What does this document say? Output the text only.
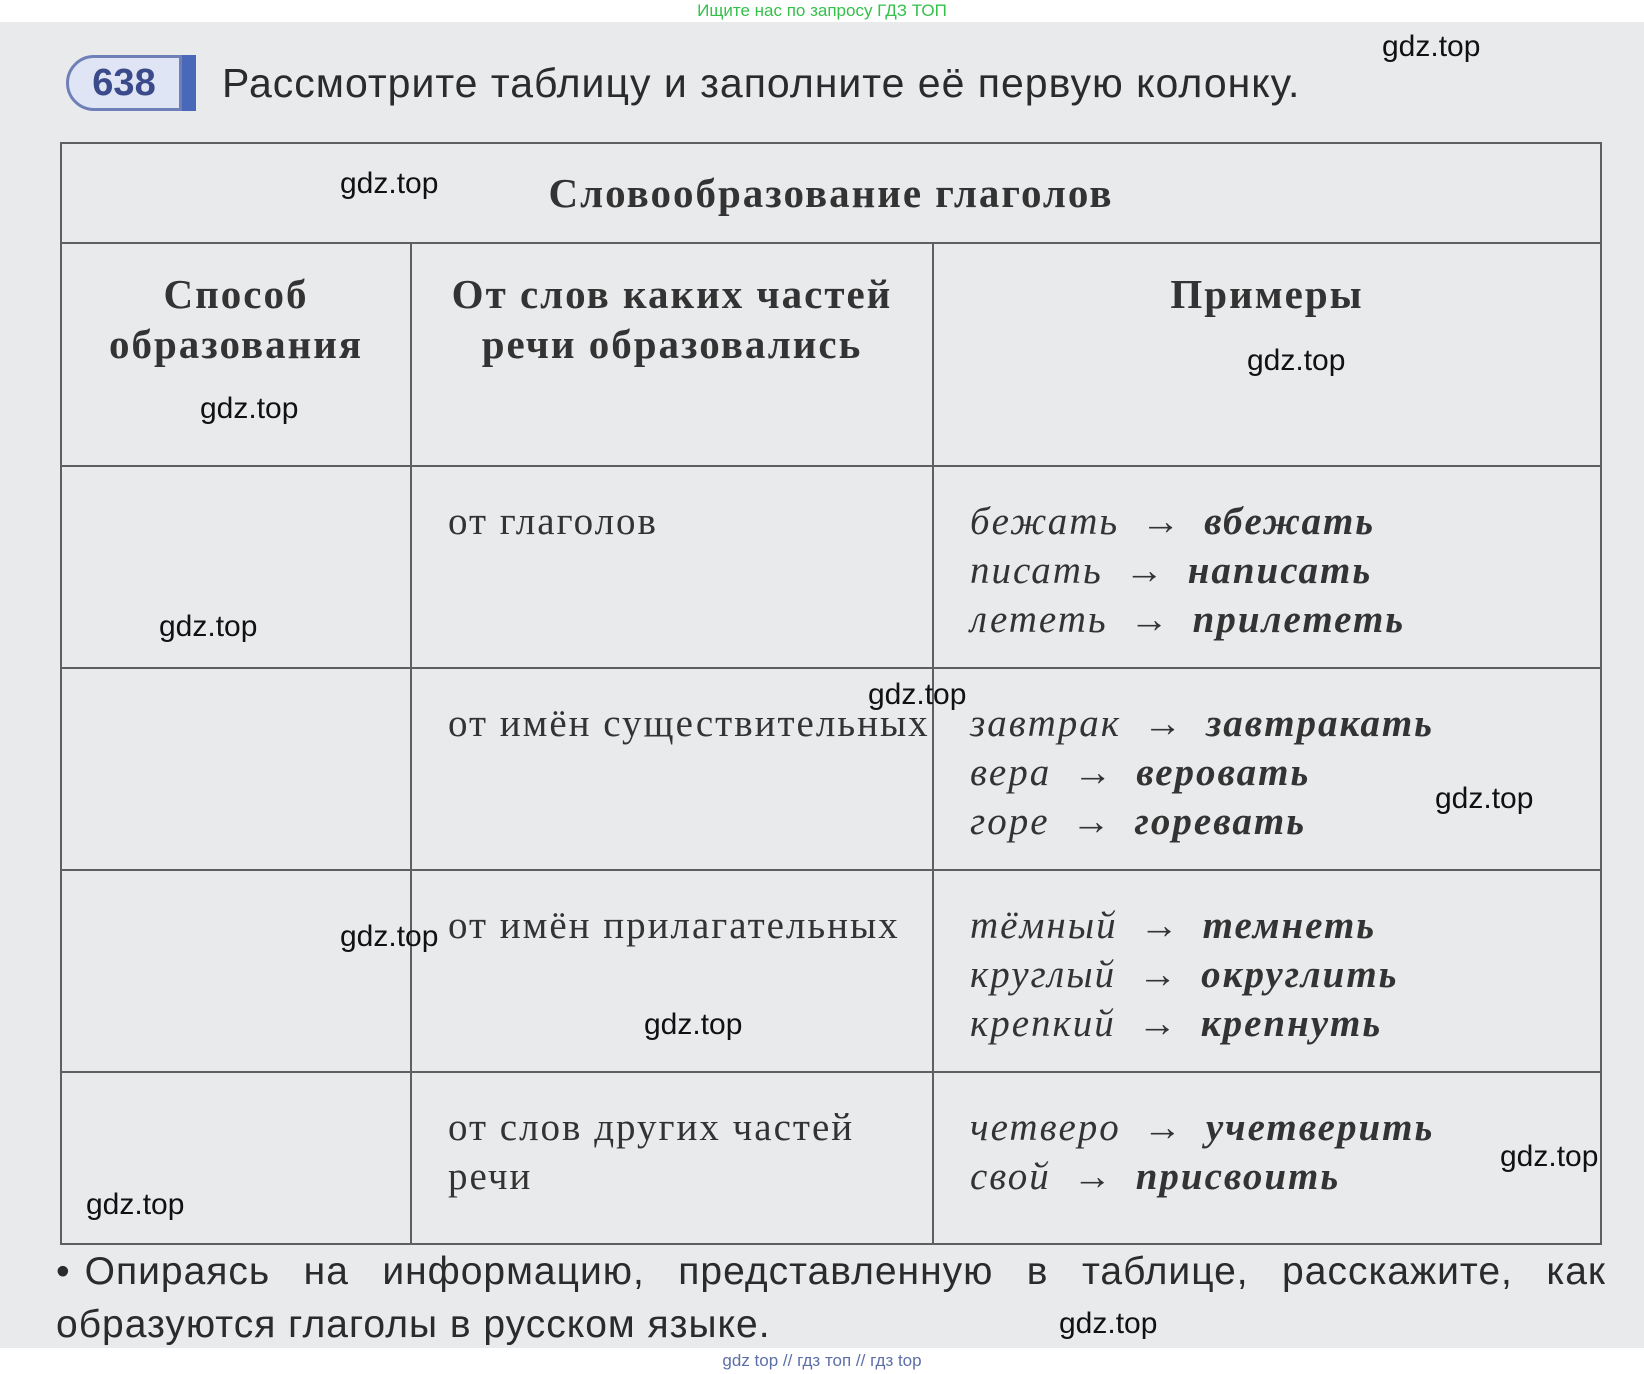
Ищите нас по запросу ГДЗ ТОП
638	Рассмотрите таблицу и заполните её первую колонку.
Словообразование глаголов		
Способ образования	От слов каких частей речи образовались	Примеры
	от глаголов	бежать → вбежать
писать → написать
лететь → прилететь

	от имён существительных	завтрак → завтракать
вера → веровать
горе → горевать

	от имён прилагательных	тёмный → темнеть
круглый → округлить
крепкий → крепнуть

	от слов других частей речи	четверо → учетверить
свой → присвоить
• Опираясь на информацию, представленную в таблице, расскажите, как образуются глаголы в русском языке.
gdz.top
gdz.top
gdz.top
gdz.top
gdz.top
gdz.top
gdz.top
gdz.top
gdz.top
gdz.top
gdz.top
gdz.top
gdz top // гдз топ // гдз top
